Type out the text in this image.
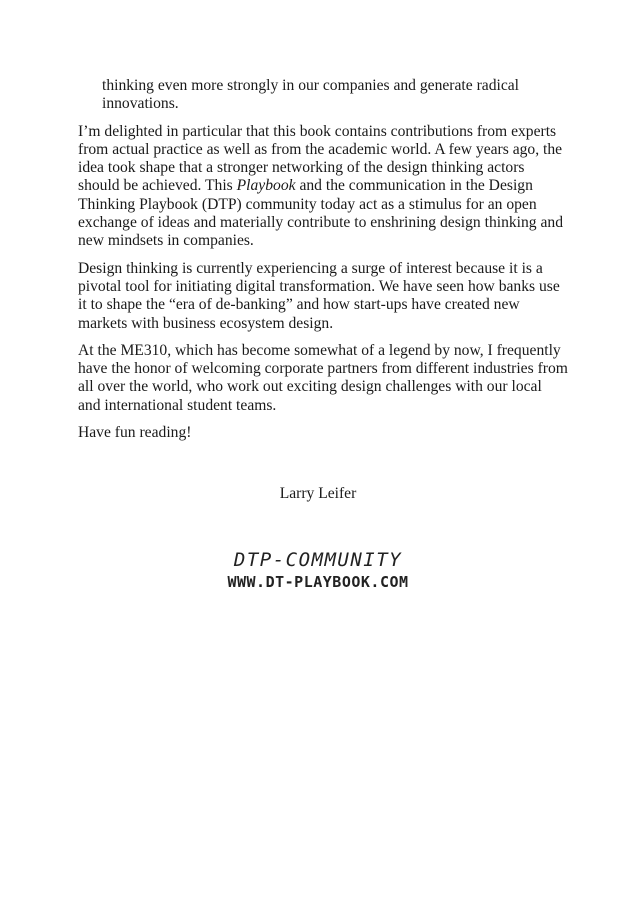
thinking even more strongly in our companies and generate radical innovations.

I’m delighted in particular that this book contains contributions from experts from actual practice as well as from the academic world. A few years ago, the idea took shape that a stronger networking of the design thinking actors should be achieved. This Playbook and the communication in the Design Thinking Playbook (DTP) community today act as a stimulus for an open exchange of ideas and materially contribute to enshrining design thinking and new mindsets in companies.

Design thinking is currently experiencing a surge of interest because it is a pivotal tool for initiating digital transformation. We have seen how banks use it to shape the “era of de-banking” and how start-ups have created new markets with business ecosystem design.

At the ME310, which has become somewhat of a legend by now, I frequently have the honor of welcoming corporate partners from different industries from all over the world, who work out exciting design challenges with our local and international student teams.

Have fun reading!

Larry Leifer
DTP-COMMUNITY
WWW.DT-PLAYBOOK.COM
